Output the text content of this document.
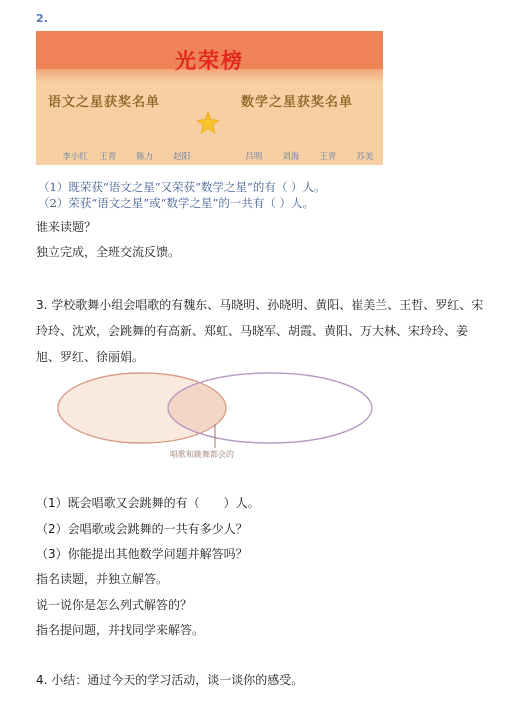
2.
光荣榜
语文之星获奖名单	数学之星获奖名单

李小红 王青 陈力 赵阳

	吕明 刘海 王青 苏美

（1）既荣获“语文之星”又荣获“数学之星”的有（ ）人。
（2）荣获“语文之星”或“数学之星”的一共有（ ）人。
谁来读题？
独立完成，全班交流反馈。
3. 学校歌舞小组会唱歌的有魏东、马晓明、孙晓明、黄阳、崔美兰、王哲、罗红、宋玲玲、沈欢，会跳舞的有高新、郑虹、马晓军、胡霞、黄阳、万大林、宋玲玲、姜旭、罗红、徐丽娟。
唱歌和跳舞都会的
（1）既会唱歌又会跳舞的有（　　）人。
（2）会唱歌或会跳舞的一共有多少人？
（3）你能提出其他数学问题并解答吗？
指名读题，并独立解答。
说一说你是怎么列式解答的？
指名提问题，并找同学来解答。
4. 小结：通过今天的学习活动，谈一谈你的感受。
